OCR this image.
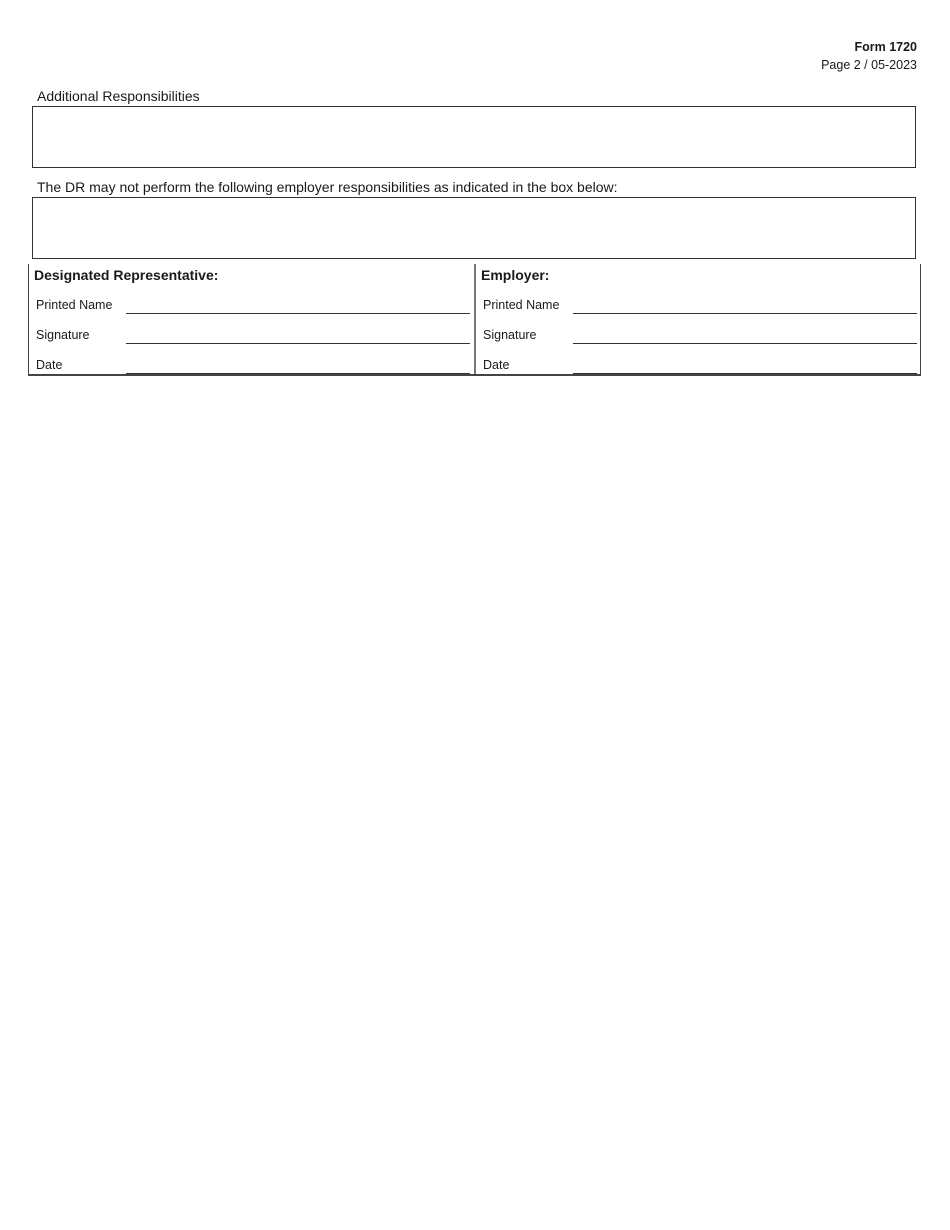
Form 1720
Page 2 / 05-2023
Additional Responsibilities
The DR may not perform the following employer responsibilities as indicated in the box below:
Designated Representative:
Printed Name
Signature
Date
Employer:
Printed Name
Signature
Date
